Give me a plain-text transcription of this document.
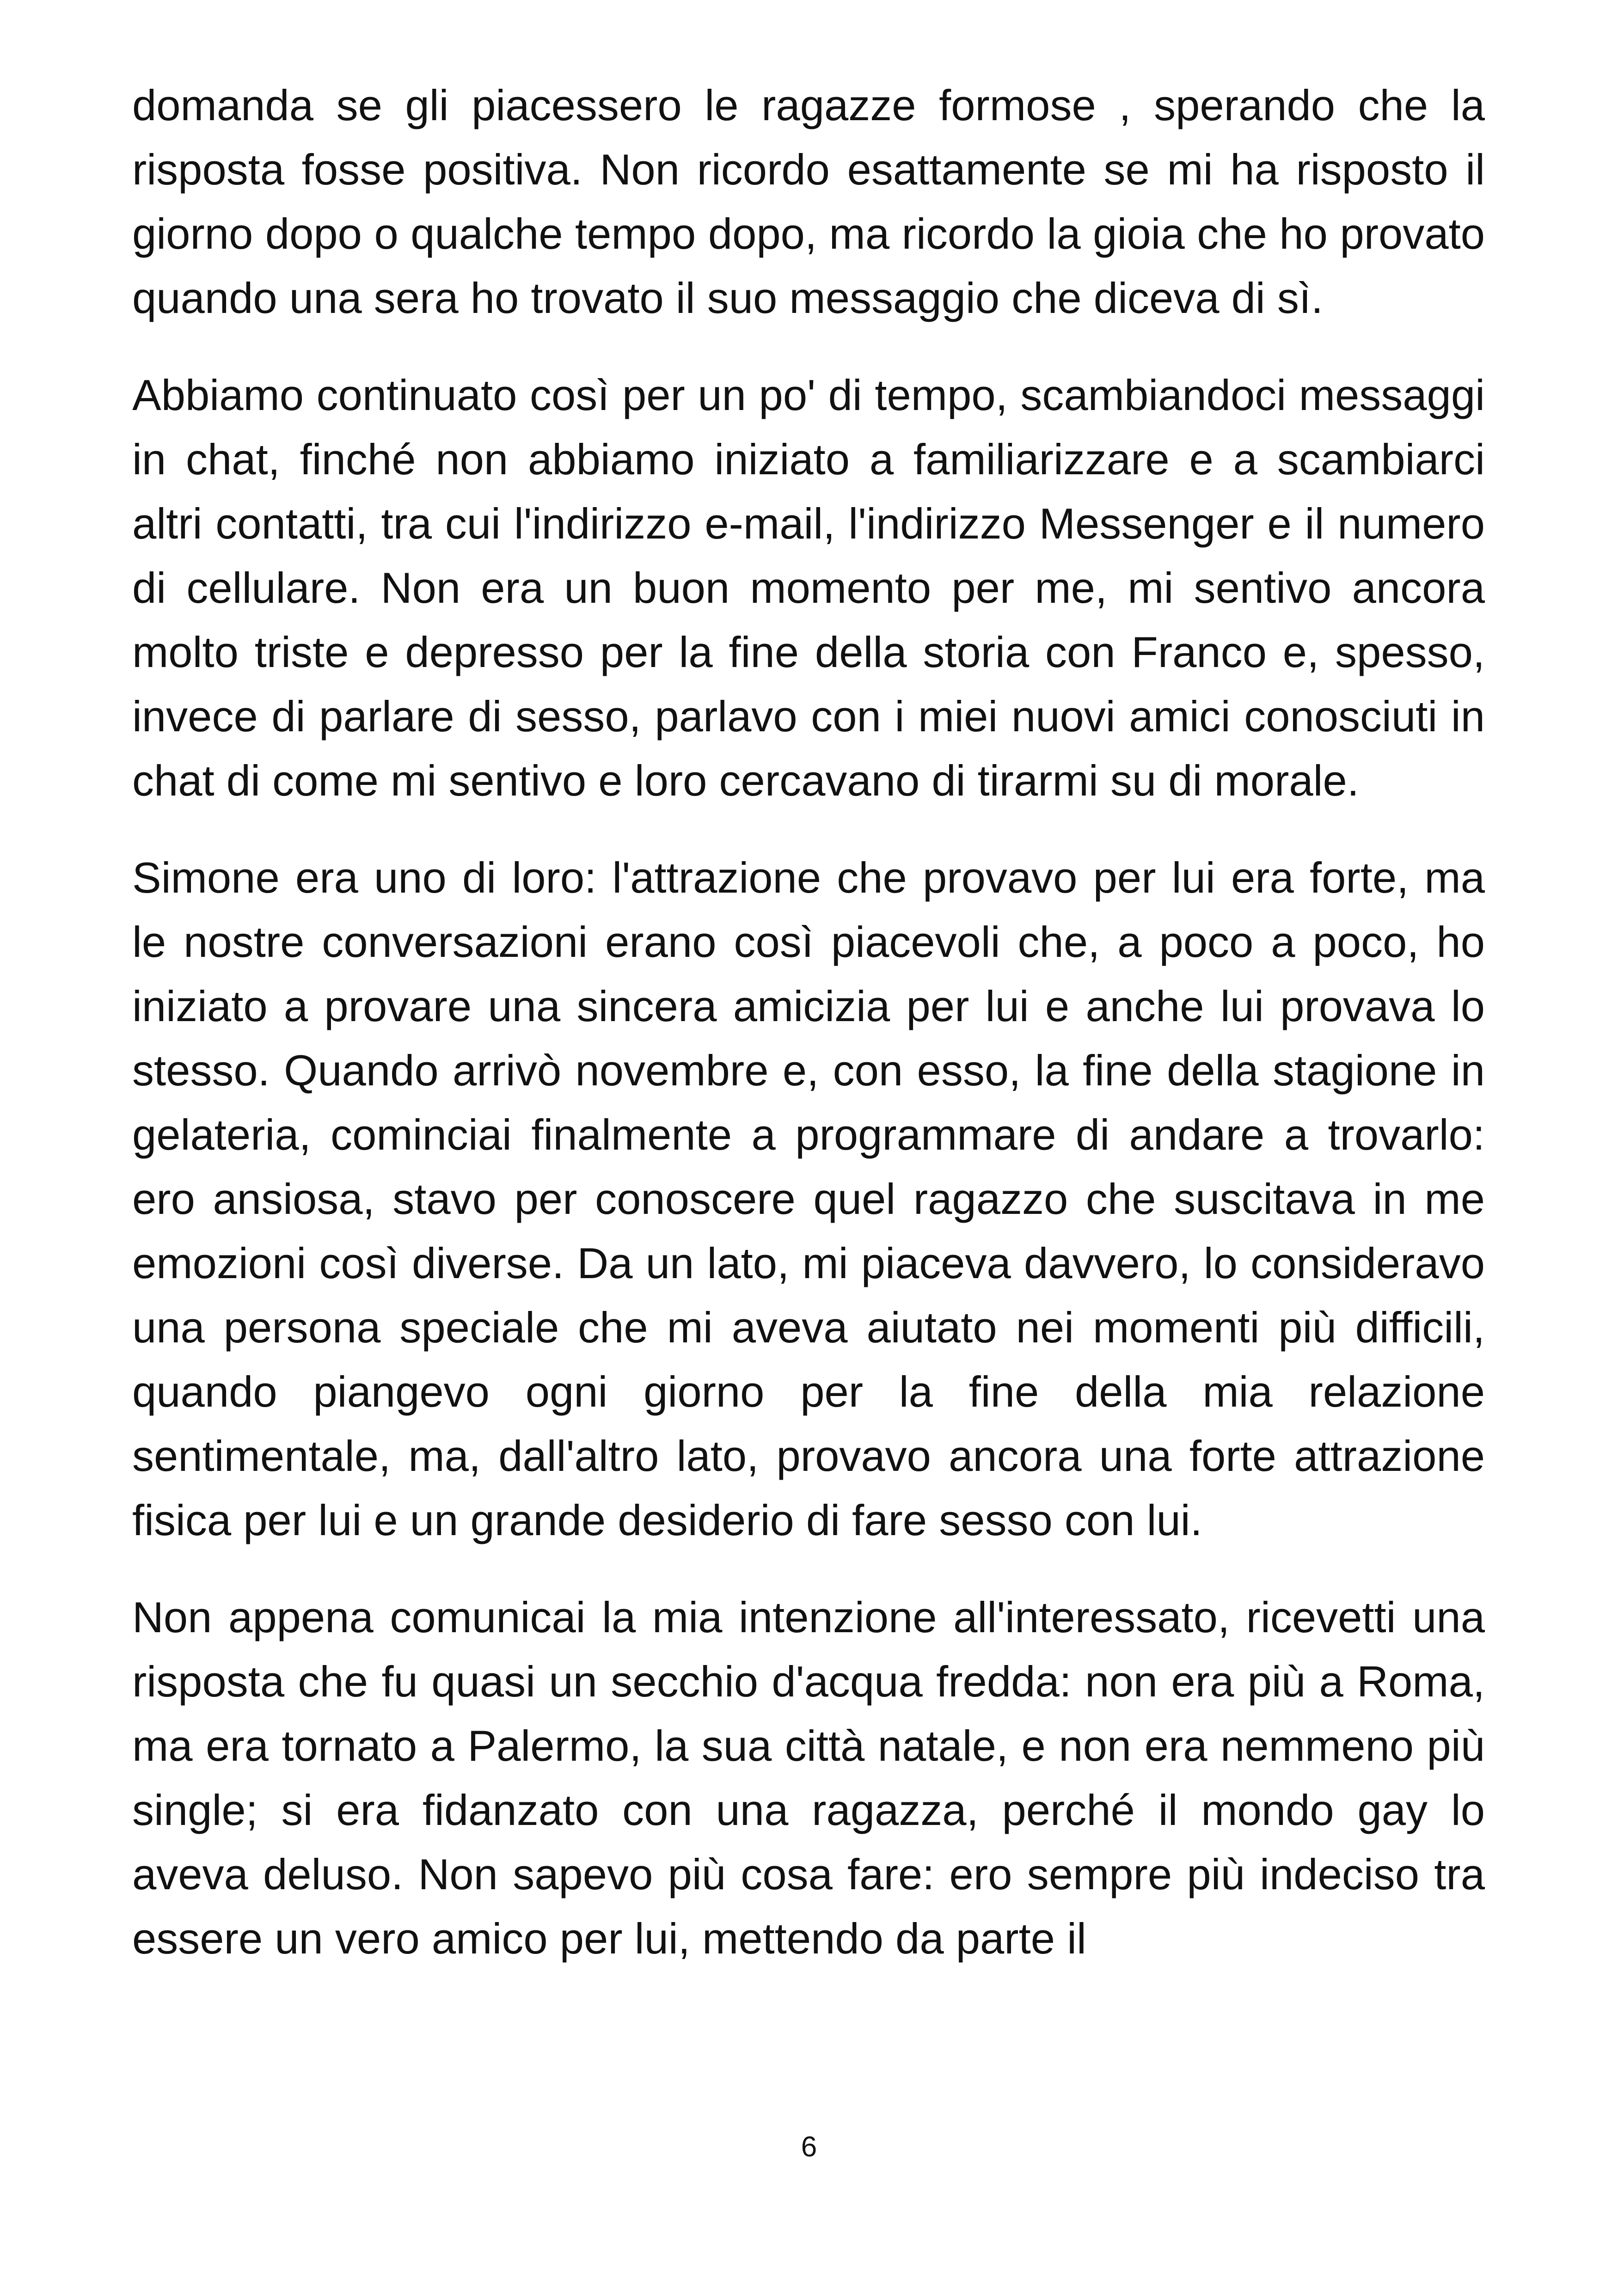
domanda se gli piacessero le ragazze formose , sperando che la risposta fosse positiva. Non ricordo esattamente se mi ha risposto il giorno dopo o qualche tempo dopo, ma ricordo la gioia che ho provato quando una sera ho trovato il suo messaggio che diceva di sì.

Abbiamo continuato così per un po' di tempo, scambiandoci messaggi in chat, finché non abbiamo iniziato a familiarizzare e a scambiarci altri contatti, tra cui l'indirizzo e-mail, l'indirizzo Messenger e il numero di cellulare. Non era un buon momento per me, mi sentivo ancora molto triste e depresso per la fine della storia con Franco e, spesso, invece di parlare di sesso, parlavo con i miei nuovi amici conosciuti in chat di come mi sentivo e loro cercavano di tirarmi su di morale.

Simone era uno di loro: l'attrazione che provavo per lui era forte, ma le nostre conversazioni erano così piacevoli che, a poco a poco, ho iniziato a provare una sincera amicizia per lui e anche lui provava lo stesso. Quando arrivò novembre e, con esso, la fine della stagione in gelateria, cominciai finalmente a programmare di andare a trovarlo: ero ansiosa, stavo per conoscere quel ragazzo che suscitava in me emozioni così diverse. Da un lato, mi piaceva davvero, lo consideravo una persona speciale che mi aveva aiutato nei momenti più difficili, quando piangevo ogni giorno per la fine della mia relazione sentimentale, ma, dall'altro lato, provavo ancora una forte attrazione fisica per lui e un grande desiderio di fare sesso con lui.

Non appena comunicai la mia intenzione all'interessato, ricevetti una risposta che fu quasi un secchio d'acqua fredda: non era più a Roma, ma era tornato a Palermo, la sua città natale, e non era nemmeno più single; si era fidanzato con una ragazza, perché il mondo gay lo aveva deluso. Non sapevo più cosa fare: ero sempre più indeciso tra essere un vero amico per lui, mettendo da parte il

6
